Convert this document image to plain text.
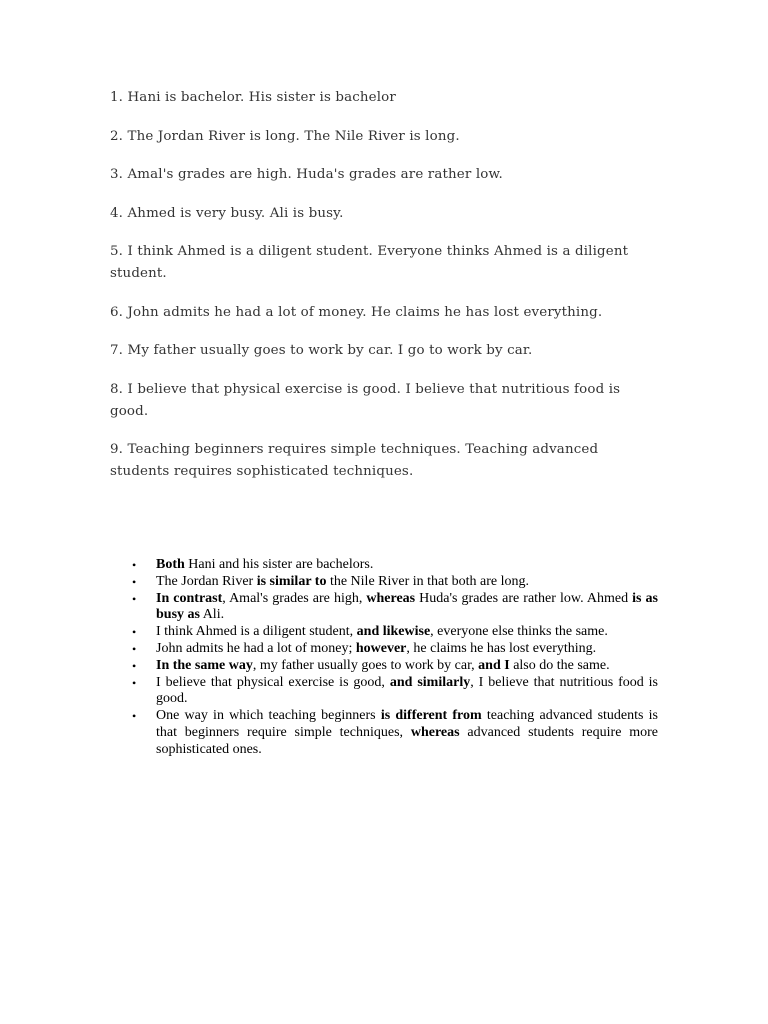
1. Hani is bachelor. His sister is bachelor

2. The Jordan River is long. The Nile River is long.

3. Amal's grades are high. Huda's grades are rather low.

4. Ahmed is very busy. Ali is busy.

5. I think Ahmed is a diligent student. Everyone thinks Ahmed is a diligent student.

6. John admits he had a lot of money. He claims he has lost everything.

7. My father usually goes to work by car. I go to work by car.

8. I believe that physical exercise is good. I believe that nutritious food is good.

9. Teaching beginners requires simple techniques. Teaching advanced students requires sophisticated techniques.

•	Both Hani and his sister are bachelors.
•	The Jordan River is similar to the Nile River in that both are long.
•	In contrast, Amal's grades are high, whereas Huda's grades are rather low. Ahmed is as busy as Ali.
•	I think Ahmed is a diligent student, and likewise, everyone else thinks the same.
•	John admits he had a lot of money; however, he claims he has lost everything.
•	In the same way, my father usually goes to work by car, and I also do the same.
•	I believe that physical exercise is good, and similarly, I believe that nutritious food is good.
•	One way in which teaching beginners is different from teaching advanced students is that beginners require simple techniques, whereas advanced students require more sophisticated ones.
